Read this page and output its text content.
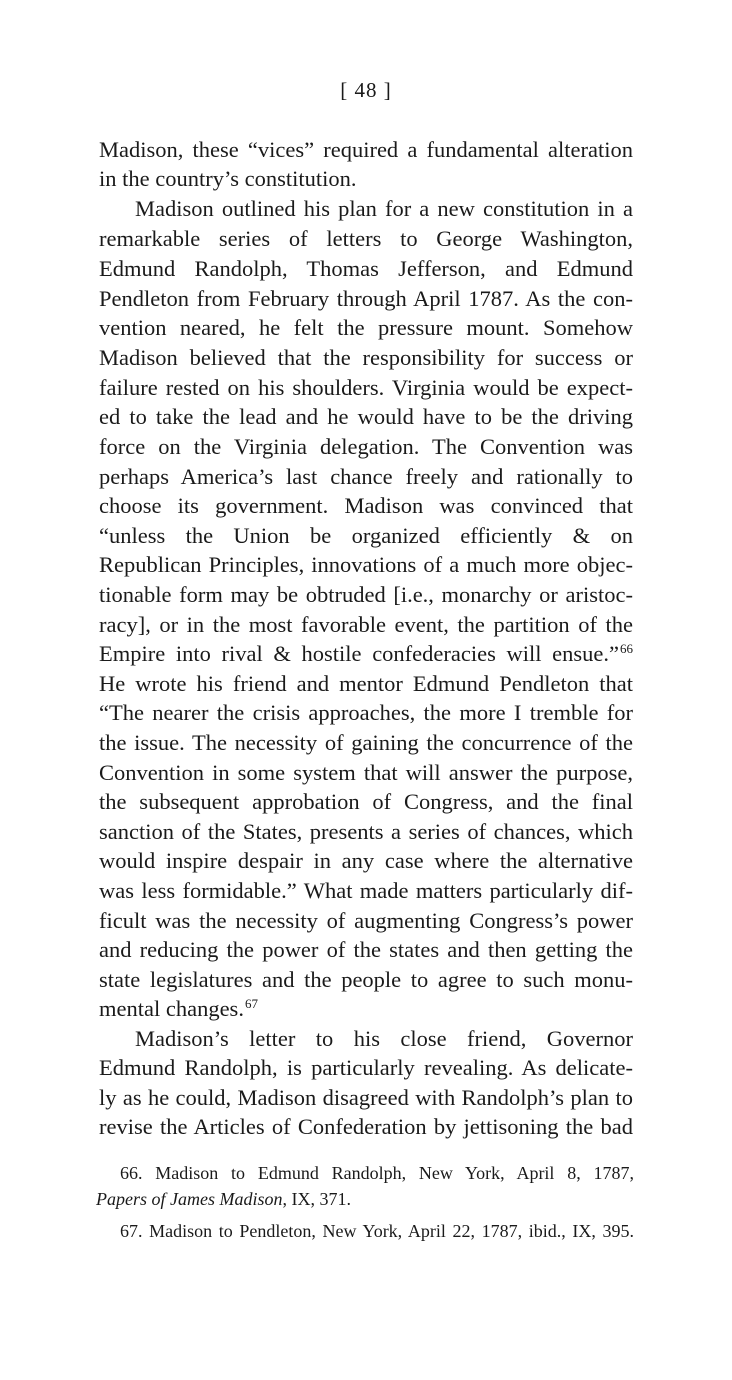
[ 48 ]
Madison, these “vices” required a fundamental alteration
in the country’s constitution.
Madison outlined his plan for a new constitution in a
remarkable series of letters to George Washington,
Edmund Randolph, Thomas Jefferson, and Edmund
Pendleton from February through April 1787. As the con-
vention neared, he felt the pressure mount. Somehow
Madison believed that the responsibility for success or
failure rested on his shoulders. Virginia would be expect-
ed to take the lead and he would have to be the driving
force on the Virginia delegation. The Convention was
perhaps America’s last chance freely and rationally to
choose its government. Madison was convinced that
“unless the Union be organized efficiently & on
Republican Principles, innovations of a much more objec-
tionable form may be obtruded [i.e., monarchy or aristoc-
racy], or in the most favorable event, the partition of the
Empire into rival & hostile confederacies will ensue.”$^{66}$
He wrote his friend and mentor Edmund Pendleton that
“The nearer the crisis approaches, the more I tremble for
the issue. The necessity of gaining the concurrence of the
Convention in some system that will answer the purpose,
the subsequent approbation of Congress, and the final
sanction of the States, presents a series of chances, which
would inspire despair in any case where the alternative
was less formidable.” What made matters particularly dif-
ficult was the necessity of augmenting Congress’s power
and reducing the power of the states and then getting the
state legislatures and the people to agree to such monu-
mental changes.$^{67}$
Madison’s letter to his close friend, Governor
Edmund Randolph, is particularly revealing. As delicate-
ly as he could, Madison disagreed with Randolph’s plan to
revise the Articles of Confederation by jettisoning the bad
66. Madison to Edmund Randolph, New York, April 8, 1787,
Papers of James Madison, IX, 371.
67. Madison to Pendleton, New York, April 22, 1787, ibid., IX, 395.
